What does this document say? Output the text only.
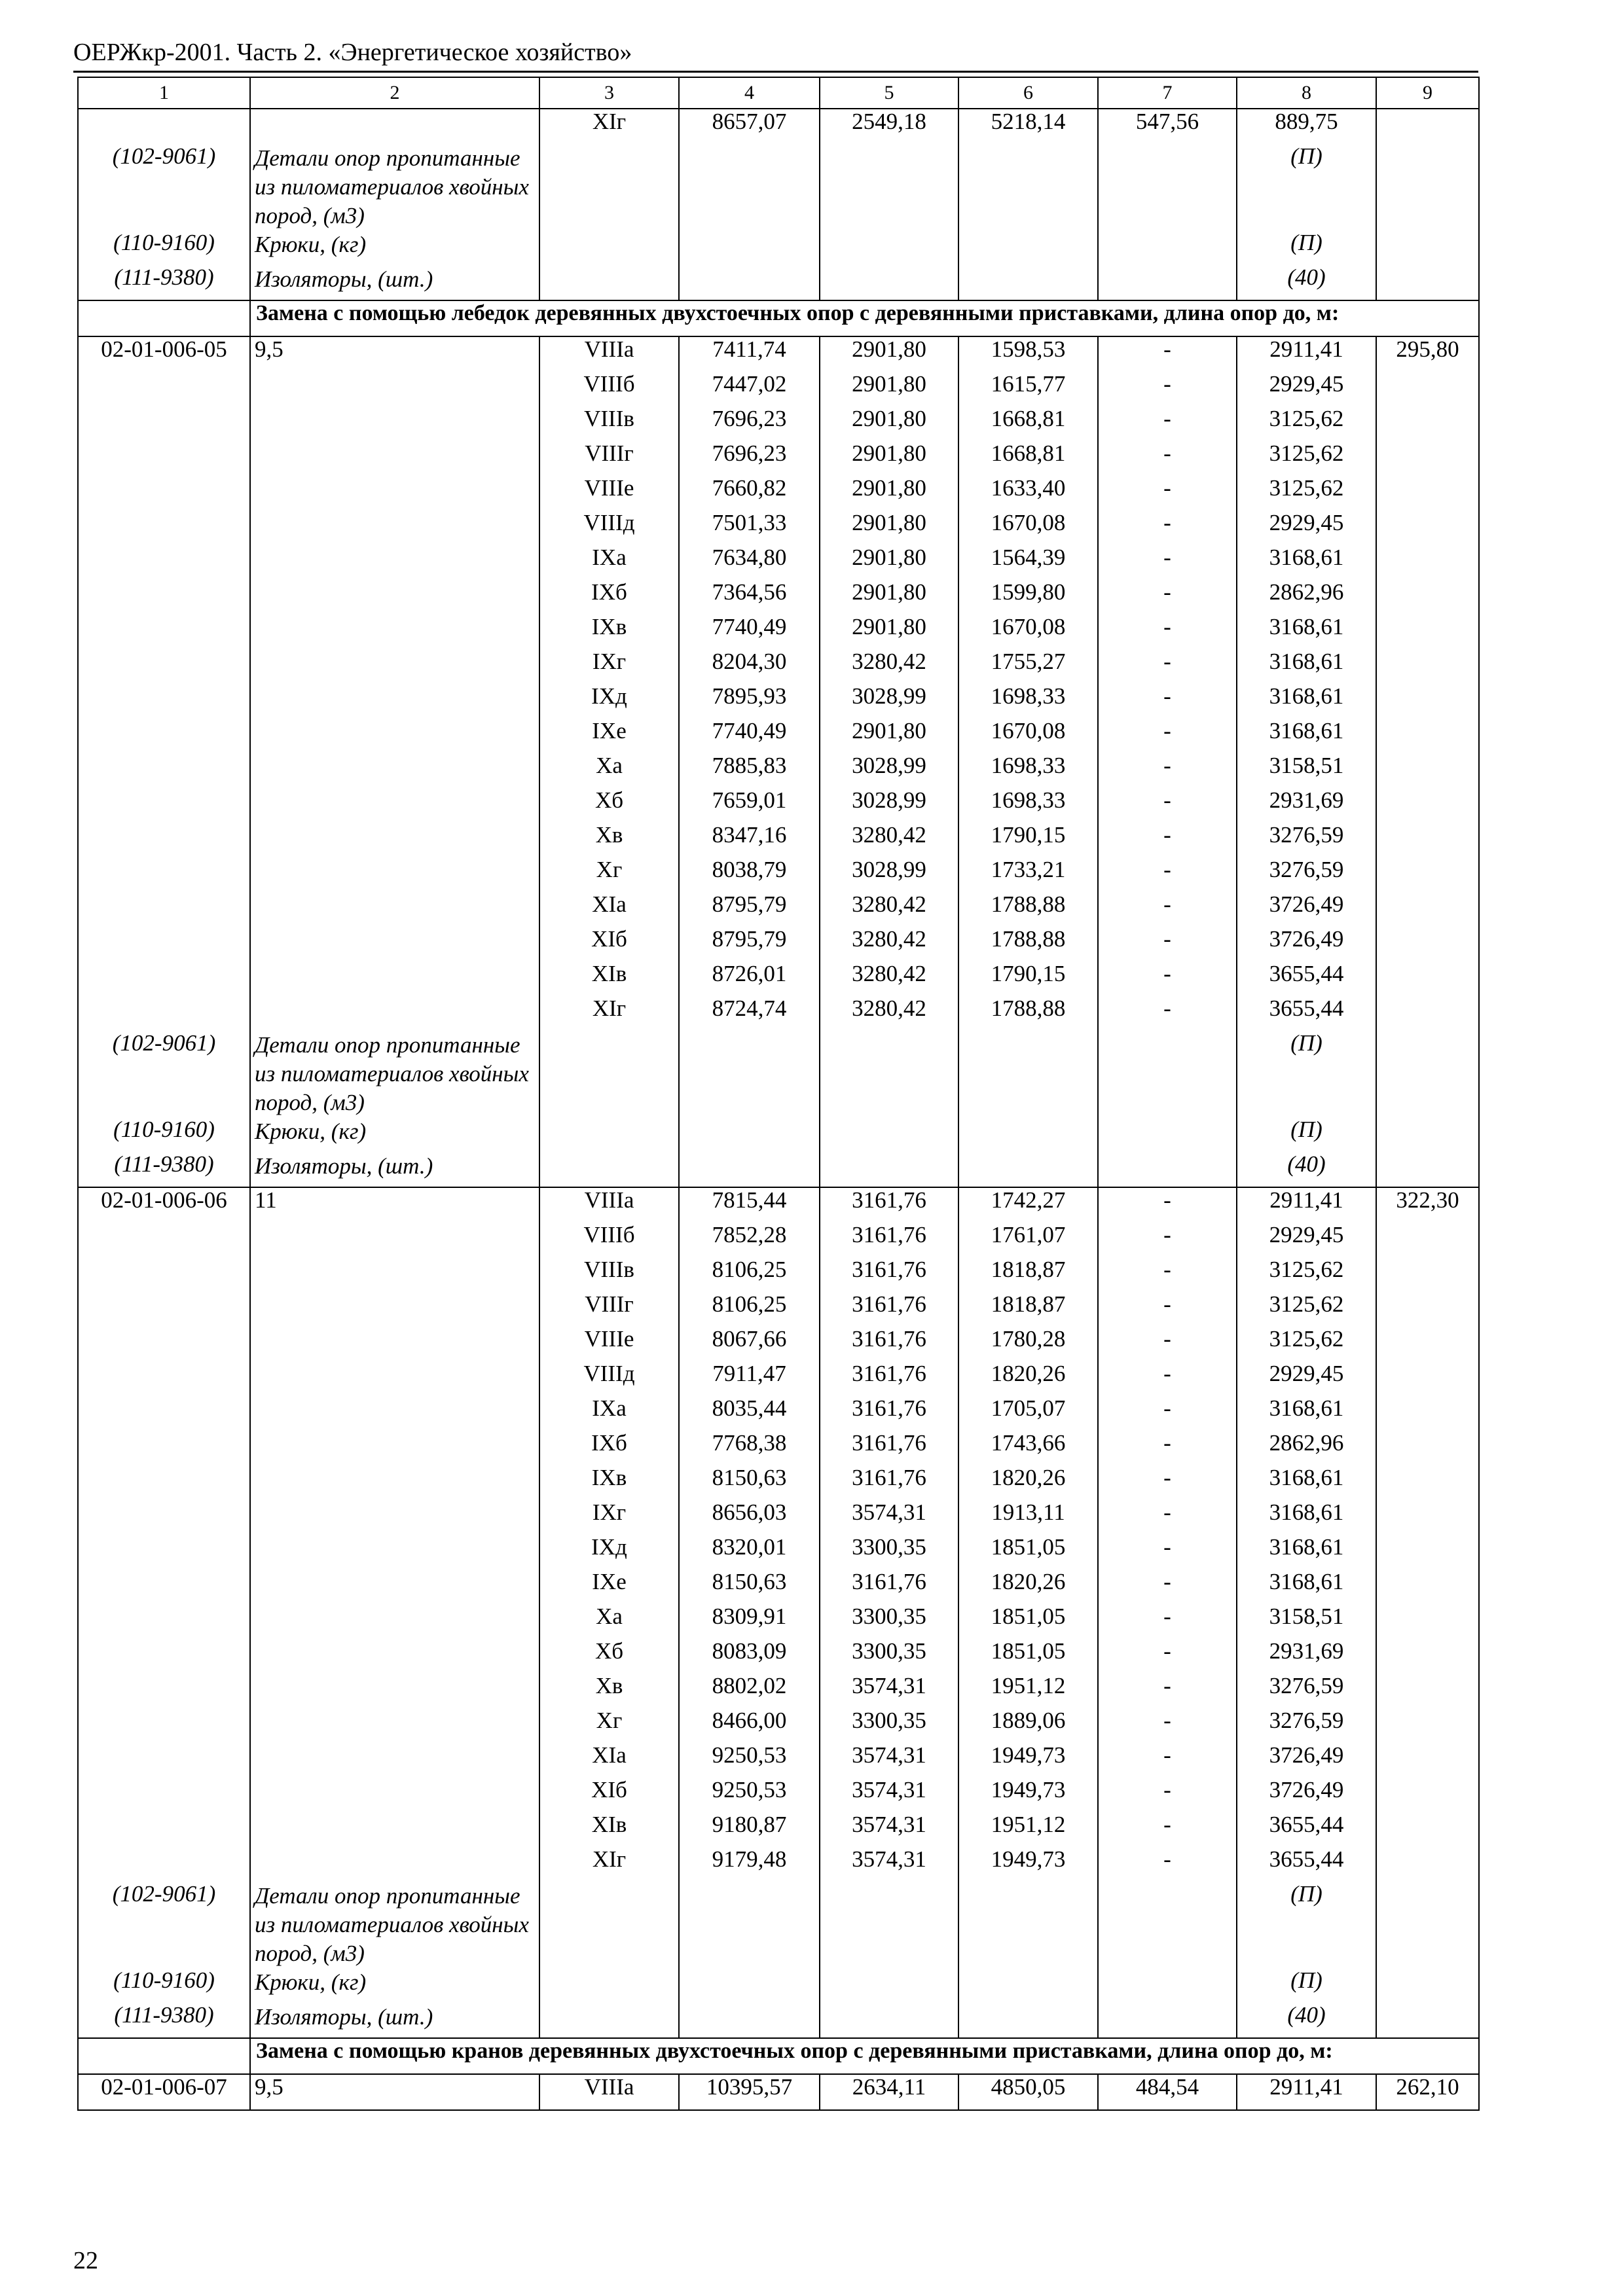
ОЕРЖкр-2001. Часть 2. «Энергетическое хозяйство»
1	2	3	4	5	6	7	8	9
		XIг	8657,07	2549,18	5218,14	547,56	889,75	
(102-9061)	Детали опор пропитанные из пиломатериалов хвойных пород, (м3)						(П)	
(110-9160)	Крюки, (кг)						(П)	
(111-9380)	Изоляторы, (шт.)						(40)	
	Замена с помощью лебедок деревянных двухстоечных опор с деревянными приставками, длина опор до, м:							
02-01-006-05	9,5	VIIIа	7411,74	2901,80	1598,53	-	2911,41	295,80
		VIIIб	7447,02	2901,80	1615,77	-	2929,45	
		VIIIв	7696,23	2901,80	1668,81	-	3125,62	
		VIIIг	7696,23	2901,80	1668,81	-	3125,62	
		VIIIе	7660,82	2901,80	1633,40	-	3125,62	
		VIIIд	7501,33	2901,80	1670,08	-	2929,45	
		IXа	7634,80	2901,80	1564,39	-	3168,61	
		IXб	7364,56	2901,80	1599,80	-	2862,96	
		IXв	7740,49	2901,80	1670,08	-	3168,61	
		IXг	8204,30	3280,42	1755,27	-	3168,61	
		IXд	7895,93	3028,99	1698,33	-	3168,61	
		IXе	7740,49	2901,80	1670,08	-	3168,61	
		Xа	7885,83	3028,99	1698,33	-	3158,51	
		Xб	7659,01	3028,99	1698,33	-	2931,69	
		Xв	8347,16	3280,42	1790,15	-	3276,59	
		Xг	8038,79	3028,99	1733,21	-	3276,59	
		XIа	8795,79	3280,42	1788,88	-	3726,49	
		XIб	8795,79	3280,42	1788,88	-	3726,49	
		XIв	8726,01	3280,42	1790,15	-	3655,44	
		XIг	8724,74	3280,42	1788,88	-	3655,44	
(102-9061)	Детали опор пропитанные из пиломатериалов хвойных пород, (м3)						(П)	
(110-9160)	Крюки, (кг)						(П)	
(111-9380)	Изоляторы, (шт.)						(40)	
02-01-006-06	11	VIIIа	7815,44	3161,76	1742,27	-	2911,41	322,30
		VIIIб	7852,28	3161,76	1761,07	-	2929,45	
		VIIIв	8106,25	3161,76	1818,87	-	3125,62	
		VIIIг	8106,25	3161,76	1818,87	-	3125,62	
		VIIIе	8067,66	3161,76	1780,28	-	3125,62	
		VIIIд	7911,47	3161,76	1820,26	-	2929,45	
		IXа	8035,44	3161,76	1705,07	-	3168,61	
		IXб	7768,38	3161,76	1743,66	-	2862,96	
		IXв	8150,63	3161,76	1820,26	-	3168,61	
		IXг	8656,03	3574,31	1913,11	-	3168,61	
		IXд	8320,01	3300,35	1851,05	-	3168,61	
		IXе	8150,63	3161,76	1820,26	-	3168,61	
		Xа	8309,91	3300,35	1851,05	-	3158,51	
		Xб	8083,09	3300,35	1851,05	-	2931,69	
		Xв	8802,02	3574,31	1951,12	-	3276,59	
		Xг	8466,00	3300,35	1889,06	-	3276,59	
		XIа	9250,53	3574,31	1949,73	-	3726,49	
		XIб	9250,53	3574,31	1949,73	-	3726,49	
		XIв	9180,87	3574,31	1951,12	-	3655,44	
		XIг	9179,48	3574,31	1949,73	-	3655,44	
(102-9061)	Детали опор пропитанные из пиломатериалов хвойных пород, (м3)						(П)	
(110-9160)	Крюки, (кг)						(П)	
(111-9380)	Изоляторы, (шт.)						(40)	
	Замена с помощью кранов деревянных двухстоечных опор с деревянными приставками, длина опор до, м:							
02-01-006-07	9,5	VIIIа	10395,57	2634,11	4850,05	484,54	2911,41	262,10
22
